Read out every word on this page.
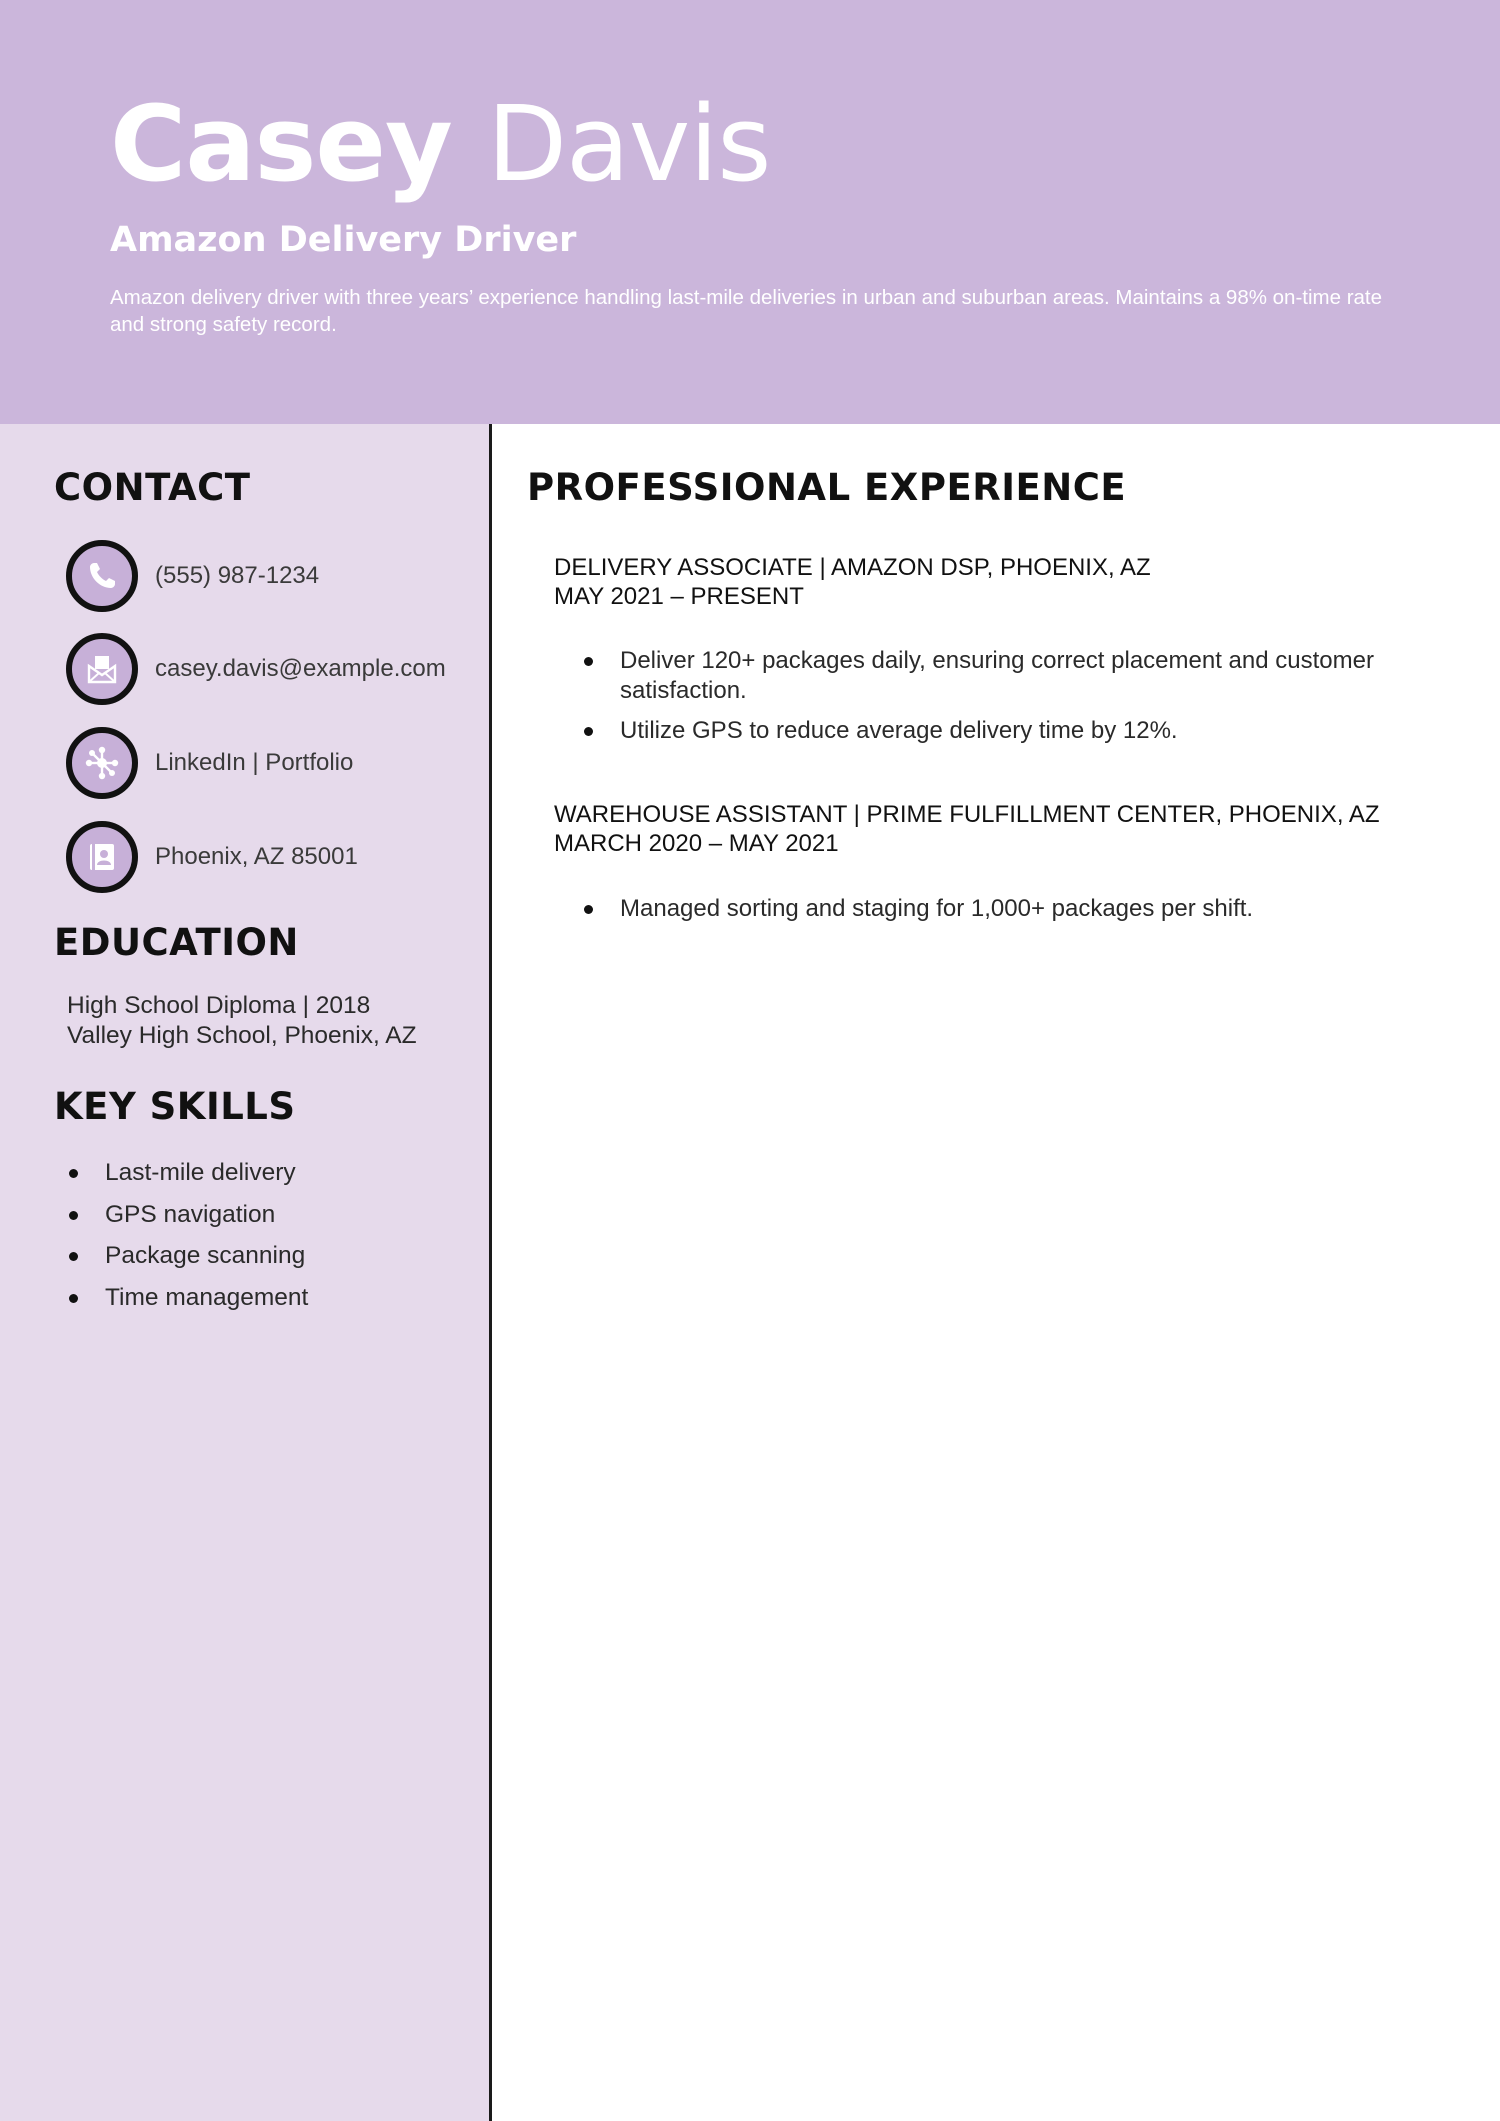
Casey Davis
Amazon Delivery Driver

Amazon delivery driver with three years’ experience handling last-mile deliveries in urban and suburban areas. Maintains a 98% on-time rate and strong safety record.

CONTACT
(555) 987-1234
casey.davis@example.com
LinkedIn | Portfolio
Phoenix, AZ 85001
EDUCATION
High School Diploma | 2018
Valley High School, Phoenix, AZ
KEY SKILLS
Last-mile delivery
GPS navigation
Package scanning
Time management
PROFESSIONAL EXPERIENCE
DELIVERY ASSOCIATE | AMAZON DSP, PHOENIX, AZ
MAY 2021 – PRESENT
Deliver 120+ packages daily, ensuring correct placement and customer satisfaction.
Utilize GPS to reduce average delivery time by 12%.
WAREHOUSE ASSISTANT | PRIME FULFILLMENT CENTER, PHOENIX, AZ
MARCH 2020 – MAY 2021
Managed sorting and staging for 1,000+ packages per shift.
